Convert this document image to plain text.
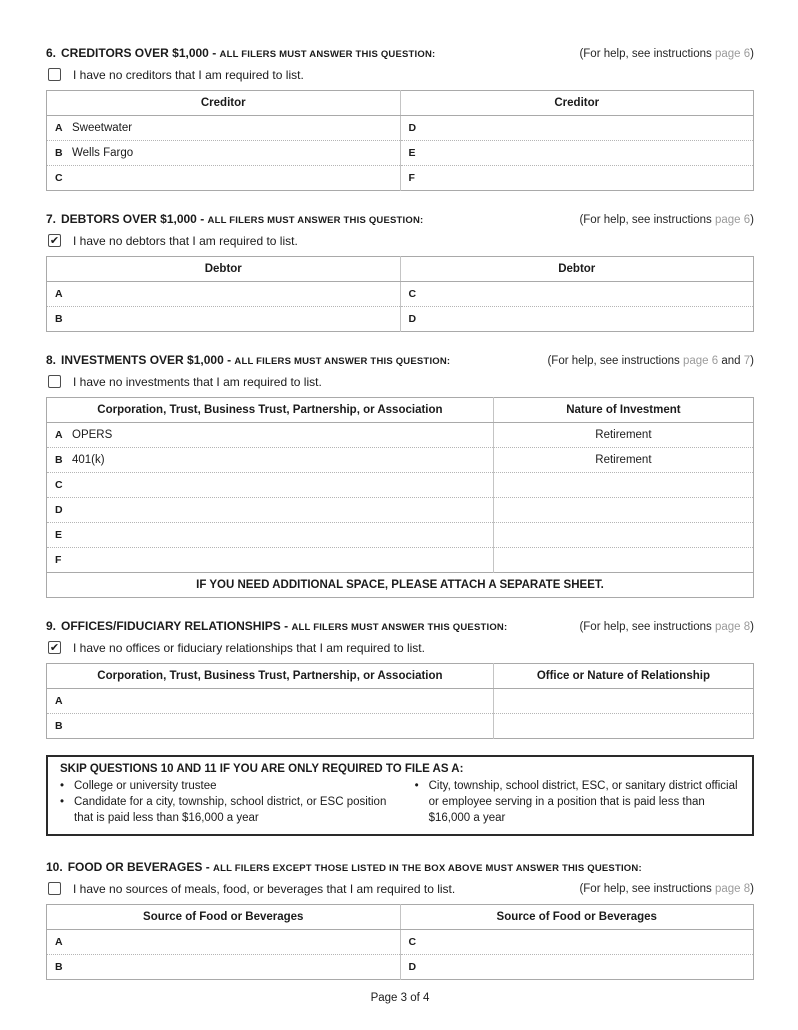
6. CREDITORS OVER $1,000 - ALL FILERS MUST ANSWER THIS QUESTION:	(For help, see instructions page 6)
I have no creditors that I am required to list.
Creditor	Creditor
A Sweetwater	D
B Wells Fargo	E
C	F
7. DEBTORS OVER $1,000 - ALL FILERS MUST ANSWER THIS QUESTION:	(For help, see instructions page 6)
✔ I have no debtors that I am required to list.
Debtor	Debtor
A	C
B	D
8. INVESTMENTS OVER $1,000 - ALL FILERS MUST ANSWER THIS QUESTION:	(For help, see instructions page 6 and 7)
I have no investments that I am required to list.
Corporation, Trust, Business Trust, Partnership, or Association	Nature of Investment
A OPERS	Retirement
B 401(k)	Retirement
C	
D	
E	
F	
IF YOU NEED ADDITIONAL SPACE, PLEASE ATTACH A SEPARATE SHEET.	
9. OFFICES/FIDUCIARY RELATIONSHIPS - ALL FILERS MUST ANSWER THIS QUESTION:	(For help, see instructions page 8)
✔ I have no offices or fiduciary relationships that I am required to list.
Corporation, Trust, Business Trust, Partnership, or Association	Office or Nature of Relationship
A	
B	
SKIP QUESTIONS 10 AND 11 IF YOU ARE ONLY REQUIRED TO FILE AS A:
• College or university trustee
• Candidate for a city, township, school district, or ESC position that is paid less than $16,000 a year
• City, township, school district, ESC, or sanitary district official or employee serving in a position that is paid less than $16,000 a year
10. FOOD OR BEVERAGES - ALL FILERS EXCEPT THOSE LISTED IN THE BOX ABOVE MUST ANSWER THIS QUESTION:
I have no sources of meals, food, or beverages that I am required to list.	(For help, see instructions page 8)
Source of Food or Beverages	Source of Food or Beverages
A	C
B	D
Page 3 of 4
